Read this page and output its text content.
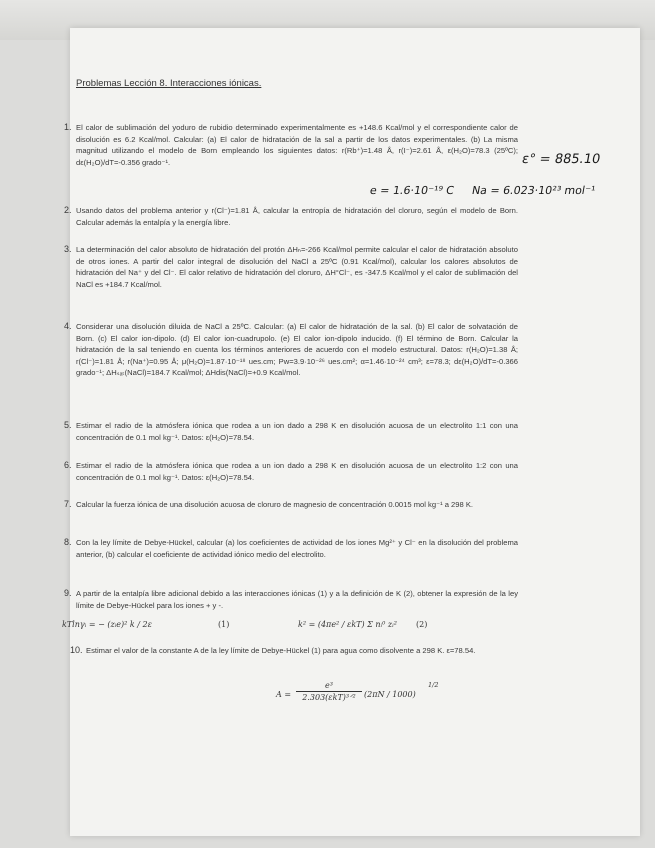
Problemas Lección 8. Interacciones iónicas.
1. El calor de sublimación del yoduro de rubidio determinado experimentalmente es +148.6 Kcal/mol y el correspondiente calor de disolución es 6.2 Kcal/mol. Calcular: (a) El calor de hidratación de la sal a partir de los datos experimentales. (b) La misma magnitud utilizando el modelo de Born empleando los siguientes datos: r(Rb⁺)=1.48 Å, r(I⁻)=2.61 Å, ε(H₂O)=78.3 (25ºC); dε(H₂O)/dT=-0.356 grado⁻¹.
2. Usando datos del problema anterior y r(Cl⁻)=1.81 Å, calcular la entropía de hidratación del cloruro, según el modelo de Born. Calcular además la entalpía y la energía libre.
3. La determinación del calor absoluto de hidratación del protón ΔHₕ=-266 Kcal/mol permite calcular el calor de hidratación absoluto de otros iones. A partir del calor integral de disolución del NaCl a 25ºC (0.91 Kcal/mol), calcular los calores absolutos de hidratación del Na⁺ y del Cl⁻. El calor relativo de hidratación del cloruro, ΔH°Cl⁻, es -347.5 Kcal/mol y el calor de sublimación del NaCl es +184.7 Kcal/mol.
4. Considerar una disolución diluida de NaCl a 25ºC. Calcular: (a) El calor de hidratación de la sal. (b) El calor de solvatación de Born. (c) El calor ion-dipolo. (d) El calor ion-cuadrupolo. (e) El calor ion-dipolo inducido. (f) El término de Born. Calcular la hidratación de la sal teniendo en cuenta los términos anteriores de acuerdo con el modelo estructural. Datos: r(H₂O)=1.38 Å; r(Cl⁻)=1.81 Å; r(Na⁺)=0.95 Å; μ(H₂O)=1.87·10⁻¹⁸ ues.cm; Pw=3.9·10⁻²⁶ ues.cm²; α=1.46·10⁻²⁴ cm³; ε=78.3; dε(H₂O)/dT=-0.366 grado⁻¹; ΔHₛₐₜ(NaCl)=184.7 Kcal/mol; ΔHdis(NaCl)=+0.9 Kcal/mol.
5. Estimar el radio de la atmósfera iónica que rodea a un ion dado a 298 K en disolución acuosa de un electrolito 1:1 con una concentración de 0.1 mol kg⁻¹. Datos: ε(H₂O)=78.54.
6. Estimar el radio de la atmósfera iónica que rodea a un ion dado a 298 K en disolución acuosa de un electrolito 1:2 con una concentración de 0.1 mol kg⁻¹. Datos: ε(H₂O)=78.54.
7. Calcular la fuerza iónica de una disolución acuosa de cloruro de magnesio de concentración 0.0015 mol kg⁻¹ a 298 K.
8. Con la ley límite de Debye-Hückel, calcular (a) los coeficientes de actividad de los iones Mg²⁺ y Cl⁻ en la disolución del problema anterior, (b) calcular el coeficiente de actividad iónico medio del electrolito.
9. A partir de la entalpía libre adicional debido a las interacciones iónicas (1) y a la definición de K (2), obtener la expresión de la ley límite de Debye-Hückel para los iones + y -.
kTlnγᵢ = − (zᵢe)² k / 2ε	(1)	k² = (4πe² / εkT) Σ nᵢ⁰ zᵢ² (2)
10. Estimar el valor de la constante A de la ley límite de Debye-Hückel (1) para agua como disolvente a 298 K. ε=78.54.
A =
e³
2.303(εkT)³ᐟ²	(2πN / 1000)
1/2
ε° = 885.10
e = 1.6·10⁻¹⁹ C Na = 6.023·10²³ mol⁻¹
